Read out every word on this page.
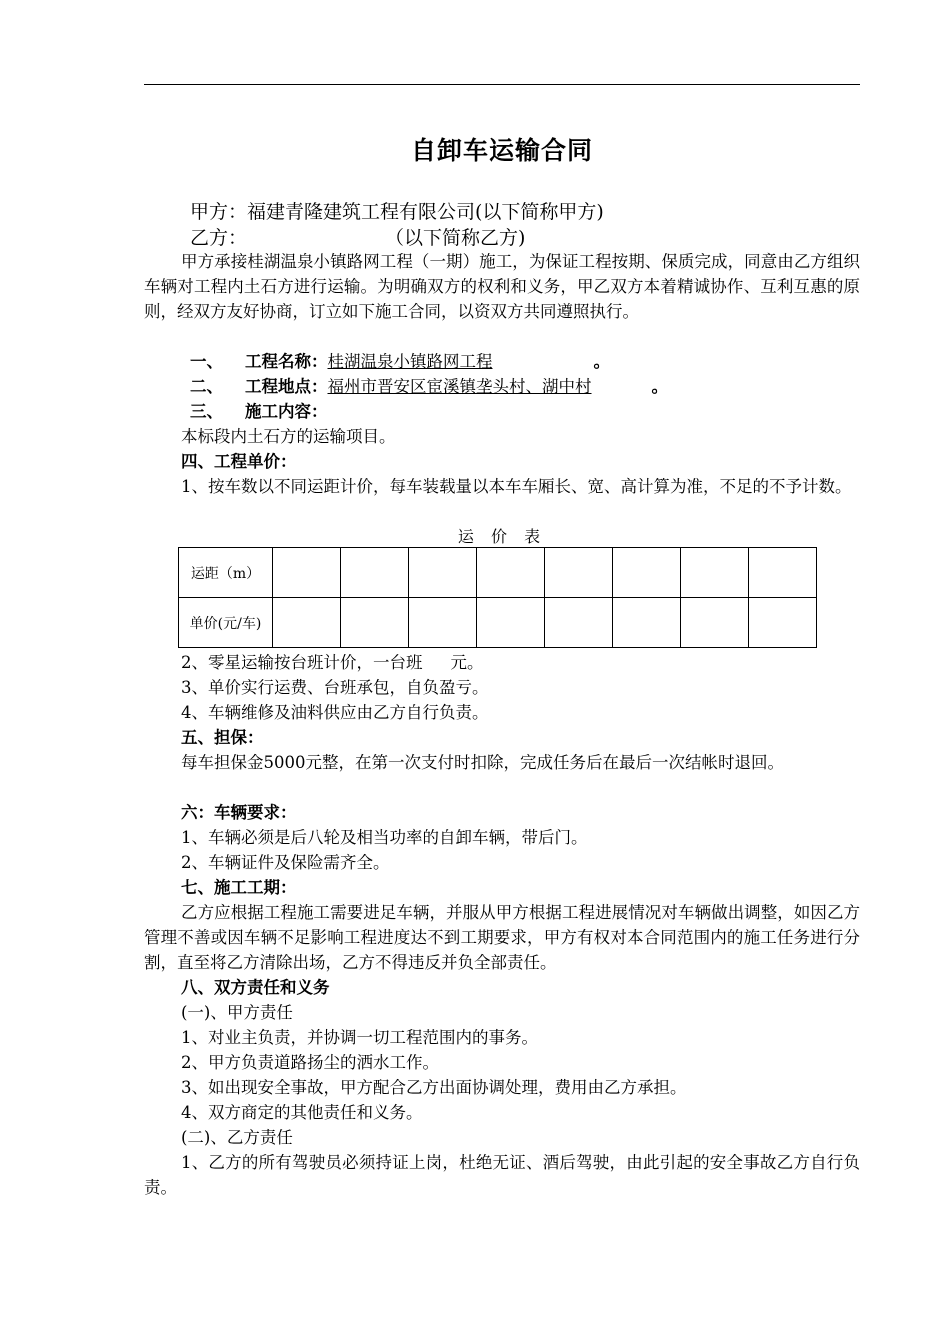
自卸车运输合同
甲方：福建青隆建筑工程有限公司(以下简称甲方)
乙方：	（以下简称乙方)
甲方承接桂湖温泉小镇路网工程（一期）施工，为保证工程按期、保质完成，同意由乙方组织车辆对工程内土石方进行运输。为明确双方的权利和义务，甲乙双方本着精诚协作、互利互惠的原则，经双方友好协商，订立如下施工合同，以资双方共同遵照执行。
一、 工程名称：桂湖温泉小镇路网工程	。
二、 工程地点：福州市晋安区宦溪镇垄头村、湖中村	。
三、 施工内容：
本标段内土石方的运输项目。
四、工程单价：
1、按车数以不同运距计价，每车装载量以本车车厢长、宽、高计算为准，不足的不予计数。
运 价 表
运距（m）								
单价(元/车)								
2、零星运输按台班计价，一台班 元。
3、单价实行运费、台班承包，自负盈亏。
4、车辆维修及油料供应由乙方自行负责。
五、担保：
每车担保金5000元整，在第一次支付时扣除，完成任务后在最后一次结帐时退回。
六：车辆要求：
1、车辆必须是后八轮及相当功率的自卸车辆，带后门。
2、车辆证件及保险需齐全。
七、施工工期：
乙方应根据工程施工需要进足车辆，并服从甲方根据工程进展情况对车辆做出调整，如因乙方管理不善或因车辆不足影响工程进度达不到工期要求，甲方有权对本合同范围内的施工任务进行分割，直至将乙方清除出场，乙方不得违反并负全部责任。
八、双方责任和义务
(一)、甲方责任
1、对业主负责，并协调一切工程范围内的事务。
2、甲方负责道路扬尘的洒水工作。
3、如出现安全事故，甲方配合乙方出面协调处理，费用由乙方承担。
4、双方商定的其他责任和义务。
(二)、乙方责任
1、乙方的所有驾驶员必须持证上岗，杜绝无证、酒后驾驶，由此引起的安全事故乙方自行负责。
